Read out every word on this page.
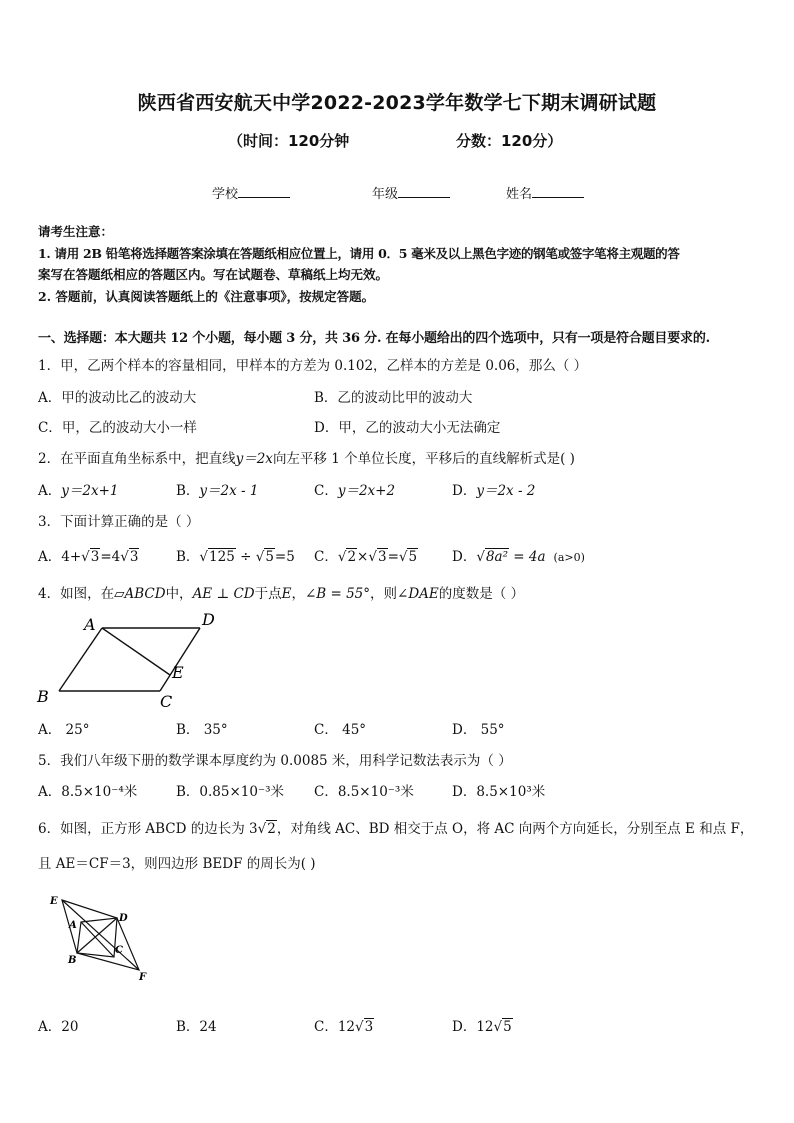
陕西省西安航天中学2022-2023学年数学七下期末调研试题
（时间：120分钟	分数：120分）
学校	年级	姓名
请考生注意：
1. 请用 2B 铅笔将选择题答案涂填在答题纸相应位置上，请用 0．5 毫米及以上黑色字迹的钢笔或签字笔将主观题的答
案写在答题纸相应的答题区内。写在试题卷、草稿纸上均无效。
2. 答题前，认真阅读答题纸上的《注意事项》，按规定答题。
一、选择题：本大题共 12 个小题，每小题 3 分，共 36 分. 在每小题给出的四个选项中，只有一项是符合题目要求的.
1．甲，乙两个样本的容量相同，甲样本的方差为 0.102，乙样本的方差是 0.06，那么（ ）
A．甲的波动比乙的波动大	B．乙的波动比甲的波动大
C．甲，乙的波动大小一样	D．甲，乙的波动大小无法确定
2．在平面直角坐标系中，把直线y＝2x向左平移 1 个单位长度，平移后的直线解析式是( )
A．y＝2x+1	B．y＝2x - 1	C．y＝2x+2	D．y＝2x - 2
3．下面计算正确的是（ ）
A．4+√3=4√3	B．√125 ÷ √5=5 C．√2×√3=√5	D．√8a² = 4a (a>0)
4．如图，在▱ABCD中，AE ⊥ CD于点E，∠B = 55°，则∠DAE的度数是（ ）
A	D
E
B	C
A． 25°	B． 35°	C． 45°	D． 55°
5．我们八年级下册的数学课本厚度约为 0.0085 米，用科学记数法表示为（ ）
A．8.5×10⁻⁴米	B．0.85×10⁻³米 C．8.5×10⁻³米	D．8.5×10³米
6．如图，正方形 ABCD 的边长为 3√2，对角线 AC、BD 相交于点 O，将 AC 向两个方向延长，分别至点 E 和点 F，
且 AE＝CF＝3，则四边形 BEDF 的周长为( )
E
A
D
C
B
F
A．20	B．24	C．12√3	D．12√5
